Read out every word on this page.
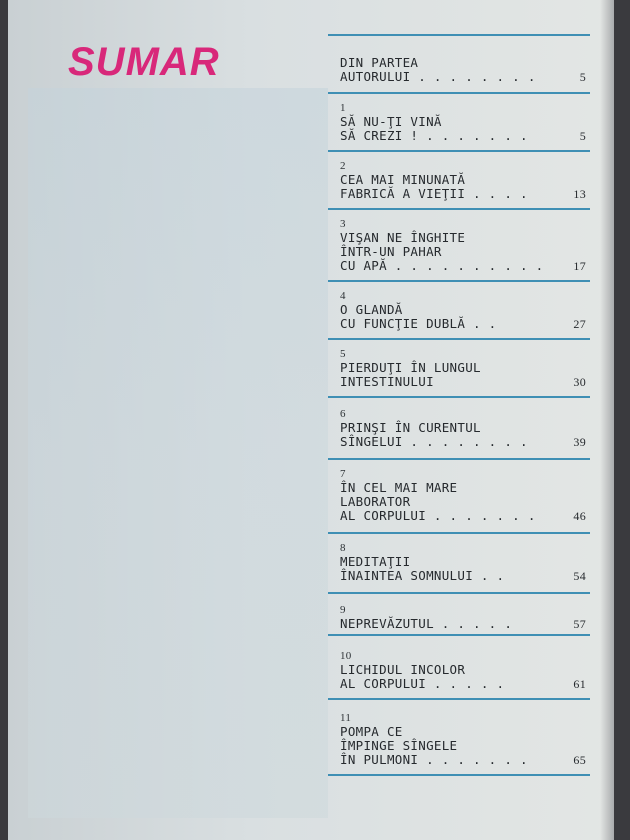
SUMAR	DIN PARTEA
AUTORULUI . . . . . . . .	5
1
SĂ NU-ŢI VINĂ
SĂ CREZI ! . . . . . . .	5
2
CEA MAI MINUNATĂ
FABRICĂ A VIEŢII . . . .	13
3
VIŞAN NE ÎNGHITE
ÎNTR-UN PAHAR
CU APĂ . . . . . . . . . .	17
4
O GLANDĂ
CU FUNCŢIE DUBLĂ . .	27
5
PIERDUŢI ÎN LUNGUL
INTESTINULUI	30
6
PRINŞI ÎN CURENTUL
SÎNGELUI . . . . . . . .	39
7
ÎN CEL MAI MARE
LABORATOR
AL CORPULUI . . . . . . .	46
8
MEDITAŢII
ÎNAINTEA SOMNULUI . .	54
9
NEPREVĂZUTUL . . . . .	57
10
LICHIDUL INCOLOR
AL CORPULUI . . . . .	61
11
POMPA CE
ÎMPINGE SÎNGELE
ÎN PULMONI . . . . . . .	65
